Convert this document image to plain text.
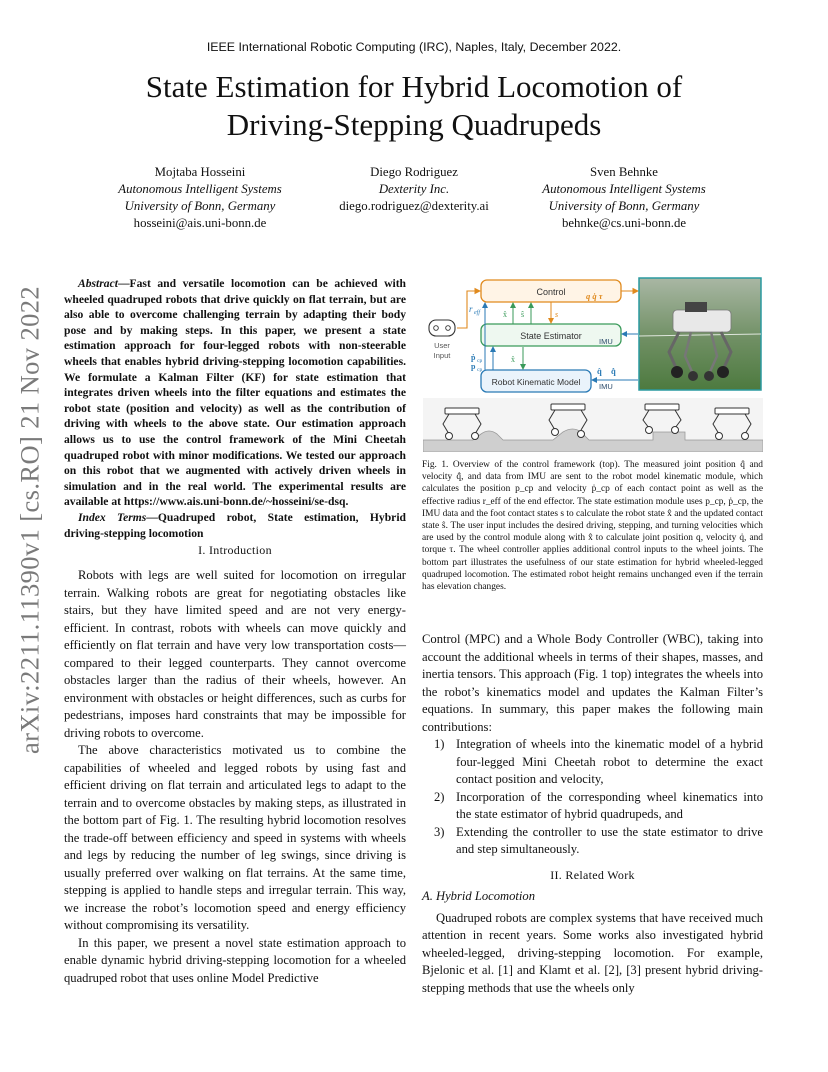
IEEE International Robotic Computing (IRC), Naples, Italy, December 2022.
State Estimation for Hybrid Locomotion of
Driving-Stepping Quadrupeds
Mojtaba Hosseini
Autonomous Intelligent Systems
University of Bonn, Germany
hosseini@ais.uni-bonn.de
Diego Rodriguez
Dexterity Inc.
diego.rodriguez@dexterity.ai
Sven Behnke
Autonomous Intelligent Systems
University of Bonn, Germany
behnke@cs.uni-bonn.de
arXiv:2211.11390v1 [cs.RO] 21 Nov 2022
Abstract—Fast and versatile locomotion can be achieved with wheeled quadruped robots that drive quickly on flat terrain, but are also able to overcome challenging terrain by adapting their body pose and by making steps. In this paper, we present a state estimation approach for four-legged robots with non-steerable wheels that enables hybrid driving-stepping locomotion capabilities. We formulate a Kalman Filter (KF) for state estimation that integrates driven wheels into the filter equations and estimates the robot state (position and velocity) as well as the contribution of driving with wheels to the above state. Our estimation approach allows us to use the control framework of the Mini Cheetah quadruped robot with minor modifications. We tested our approach on this robot that we augmented with actively driven wheels in simulation and in the real world. The experimental results are available at https://www.ais.uni-bonn.de/~hosseini/se-dsq.
Index Terms—Quadruped robot, State estimation, Hybrid driving-stepping locomotion
I. Introduction

Robots with legs are well suited for locomotion on irregular terrain. Walking robots are great for negotiating obstacles like stairs, but they have limited speed and are not very energy-efficient. In contrast, robots with wheels can move quickly and efficiently on flat terrain and have very low transportation costs—compared to their legged counterparts. They cannot overcome obstacles larger than the radius of their wheels, however. An environment with obstacles or height differences, such as curbs for pedestrians, imposes hard constraints that may be impossible for driving robots to overcome.

The above characteristics motivated us to combine the capabilities of wheeled and legged robots by using fast and efficient driving on flat terrain and articulated legs to adapt to the terrain and to overcome obstacles by making steps, as illustrated in the bottom part of Fig. 1. The resulting hybrid locomotion resolves the trade-off between efficiency and speed in systems with wheels and legs by reducing the number of leg swings, since driving is usually preferred over walking on flat terrains. At the same time, stepping is applied to handle steps and irregular terrain. This way, we increase the robot’s locomotion speed and energy efficiency without compromising its versatility.

In this paper, we present a novel state estimation approach to enable dynamic hybrid driving-stepping locomotion for a wheeled quadruped robot that uses online Model Predictive

Control
State Estimator
Robot Kinematic Model
User
Input
r eff	x̂ ŝ	s
ṗ cp
p cp
x̂
q q̇ τ
IMU
q̂ q̂̇
IMU
Fig. 1. Overview of the control framework (top). The measured joint position q̂ and velocity q̂̇, and data from IMU are sent to the robot model kinematic module, which calculates the position p_cp and velocity ṗ_cp of each contact point as well as the effective radius r_eff of the end effector. The state estimation module uses p_cp, ṗ_cp, the IMU data and the foot contact states s to calculate the robot state x̂ and the updated contact state ŝ. The user input includes the desired driving, stepping, and turning velocities which are used by the control module along with x̂ to calculate joint position q, velocity q̇, and torque τ. The wheel controller applies additional control inputs to the wheel joints. The bottom part illustrates the usefulness of our state estimation for hybrid wheeled-legged quadruped locomotion. The estimated robot height remains unchanged even if the terrain has elevation changes.

Control (MPC) and a Whole Body Controller (WBC), taking into account the additional wheels in terms of their shapes, masses, and inertia tensors. This approach (Fig. 1 top) integrates the wheels into the robot’s kinematics model and updates the Kalman Filter’s equations. In summary, this paper makes the following main contributions:

1) Integration of wheels into the kinematic model of a hybrid four-legged Mini Cheetah robot to determine the exact contact position and velocity,
2) Incorporation of the corresponding wheel kinematics into the state estimator of hybrid quadrupeds, and
3) Extending the controller to use the state estimator to drive and step simultaneously.
II. Related Work
A. Hybrid Locomotion

Quadruped robots are complex systems that have received much attention in recent years. Some works also investigated hybrid wheeled-legged, driving-stepping locomotion. For example, Bjelonic et al. [1] and Klamt et al. [2], [3] present hybrid driving-stepping methods that use the wheels only
